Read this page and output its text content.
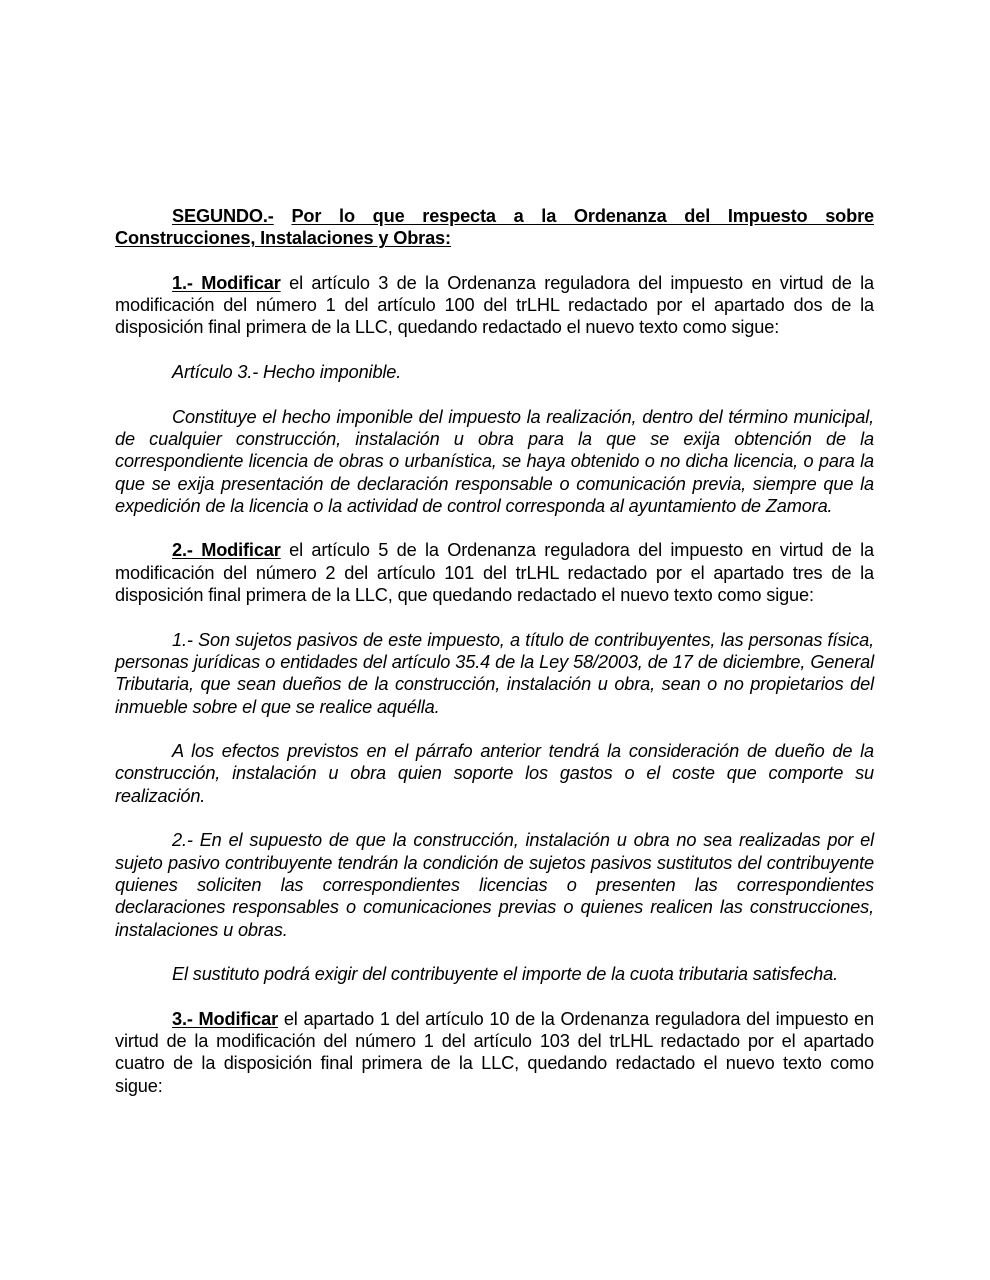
SEGUNDO.- Por lo que respecta a la Ordenanza del Impuesto sobre Construcciones, Instalaciones y Obras:

1.- Modificar el artículo 3 de la Ordenanza reguladora del impuesto en virtud de la modificación del número 1 del artículo 100 del trLHL redactado por el apartado dos de la disposición final primera de la LLC, quedando redactado el nuevo texto como sigue:

Artículo 3.- Hecho imponible.

Constituye el hecho imponible del impuesto la realización, dentro del término municipal, de cualquier construcción, instalación u obra para la que se exija obtención de la correspondiente licencia de obras o urbanística, se haya obtenido o no dicha licencia, o para la que se exija presentación de declaración responsable o comunicación previa, siempre que la expedición de la licencia o la actividad de control corresponda al ayuntamiento de Zamora.

2.- Modificar el artículo 5 de la Ordenanza reguladora del impuesto en virtud de la modificación del número 2 del artículo 101 del trLHL redactado por el apartado tres de la disposición final primera de la LLC, que quedando redactado el nuevo texto como sigue:

1.- Son sujetos pasivos de este impuesto, a título de contribuyentes, las personas física, personas jurídicas o entidades del artículo 35.4 de la Ley 58/2003, de 17 de diciembre, General Tributaria, que sean dueños de la construcción, instalación u obra, sean o no propietarios del inmueble sobre el que se realice aquélla.

A los efectos previstos en el párrafo anterior tendrá la consideración de dueño de la construcción, instalación u obra quien soporte los gastos o el coste que comporte su realización.

2.- En el supuesto de que la construcción, instalación u obra no sea realizadas por el sujeto pasivo contribuyente tendrán la condición de sujetos pasivos sustitutos del contribuyente quienes soliciten las correspondientes licencias o presenten las correspondientes declaraciones responsables o comunicaciones previas o quienes realicen las construcciones, instalaciones u obras.

El sustituto podrá exigir del contribuyente el importe de la cuota tributaria satisfecha.

3.- Modificar el apartado 1 del artículo 10 de la Ordenanza reguladora del impuesto en virtud de la modificación del número 1 del artículo 103 del trLHL redactado por el apartado cuatro de la disposición final primera de la LLC, quedando redactado el nuevo texto como sigue:
